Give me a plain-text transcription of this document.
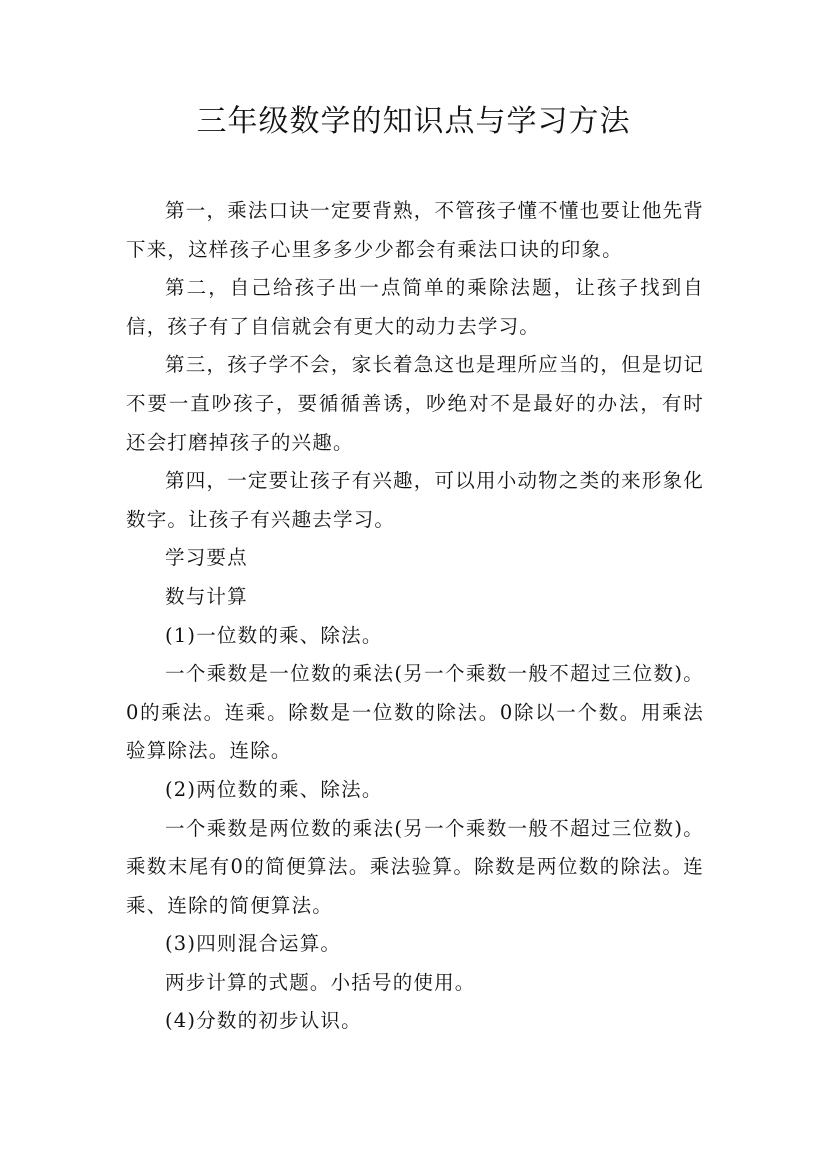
三年级数学的知识点与学习方法

第一，乘法口诀一定要背熟，不管孩子懂不懂也要让他先背下来，这样孩子心里多多少少都会有乘法口诀的印象。

第二，自己给孩子出一点简单的乘除法题，让孩子找到自信，孩子有了自信就会有更大的动力去学习。

第三，孩子学不会，家长着急这也是理所应当的，但是切记不要一直吵孩子，要循循善诱，吵绝对不是最好的办法，有时还会打磨掉孩子的兴趣。

第四，一定要让孩子有兴趣，可以用小动物之类的来形象化数字。让孩子有兴趣去学习。

学习要点

数与计算

(1)一位数的乘、除法。

一个乘数是一位数的乘法(另一个乘数一般不超过三位数)。0的乘法。连乘。除数是一位数的除法。0除以一个数。用乘法验算除法。连除。

(2)两位数的乘、除法。

一个乘数是两位数的乘法(另一个乘数一般不超过三位数)。乘数末尾有0的简便算法。乘法验算。除数是两位数的除法。连乘、连除的简便算法。

(3)四则混合运算。

两步计算的式题。小括号的使用。

(4)分数的初步认识。
